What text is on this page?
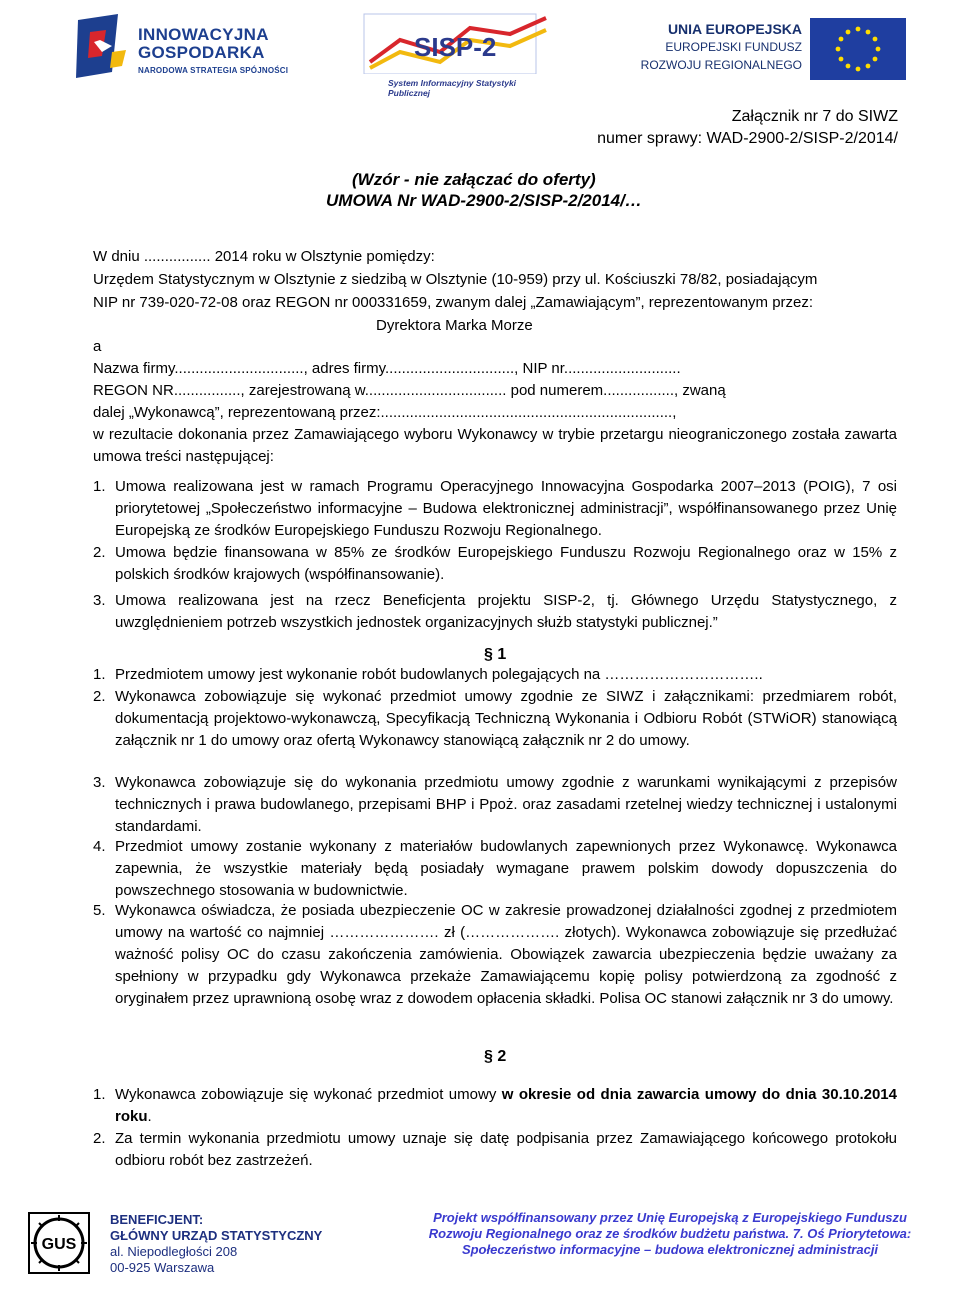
INNOWACYJNA
GOSPODARKA
NARODOWA STRATEGIA SPÓJNOŚCI
SISP-2
System Informacyjny Statystyki Publicznej
UNIA EUROPEJSKA
EUROPEJSKI FUNDUSZ
ROZWOJU REGIONALNEGO
Załącznik nr 7 do SIWZ
numer sprawy: WAD-2900-2/SISP-2/2014/
(Wzór - nie załączać do oferty)
UMOWA Nr WAD-2900-2/SISP-2/2014/…
W dniu ................ 2014 roku w Olsztynie pomiędzy:
Urzędem Statystycznym w Olsztynie z siedzibą w Olsztynie (10-959) przy ul. Kościuszki 78/82, posiadającym
NIP nr 739-020-72-08 oraz REGON nr 000331659, zwanym dalej „Zamawiającym”, reprezentowanym przez:
Dyrektora Marka Morze
a
Nazwa firmy..............................., adres firmy..............................., NIP nr............................
REGON NR................, zarejestrowaną w.................................. pod numerem................., zwaną
dalej „Wykonawcą”, reprezentowaną przez:......................................................................,
w rezultacie dokonania przez Zamawiającego wyboru Wykonawcy w trybie przetargu nieograniczonego została zawarta umowa treści następującej:
1. Umowa realizowana jest w ramach Programu Operacyjnego Innowacyjna Gospodarka 2007–2013 (POIG), 7 osi priorytetowej „Społeczeństwo informacyjne – Budowa elektronicznej administracji”, współfinansowanego przez Unię Europejską ze środków Europejskiego Funduszu Rozwoju Regionalnego.
2. Umowa będzie finansowana w 85% ze środków Europejskiego Funduszu Rozwoju Regionalnego oraz w 15% z polskich środków krajowych (współfinansowanie).
3. Umowa realizowana jest na rzecz Beneficjenta projektu SISP-2, tj. Głównego Urzędu Statystycznego, z uwzględnieniem potrzeb wszystkich jednostek organizacyjnych służb statystyki publicznej.”
§ 1
1. Przedmiotem umowy jest wykonanie robót budowlanych polegających na …………………………..
2. Wykonawca zobowiązuje się wykonać przedmiot umowy zgodnie ze SIWZ i załącznikami: przedmiarem robót, dokumentacją projektowo-wykonawczą, Specyfikacją Techniczną Wykonania i Odbioru Robót (STWiOR) stanowiącą załącznik nr 1 do umowy oraz ofertą Wykonawcy stanowiącą załącznik nr 2 do umowy.
3. Wykonawca zobowiązuje się do wykonania przedmiotu umowy zgodnie z warunkami wynikającymi z przepisów technicznych i prawa budowlanego, przepisami BHP i Ppoż. oraz zasadami rzetelnej wiedzy technicznej i ustalonymi standardami.
4. Przedmiot umowy zostanie wykonany z materiałów budowlanych zapewnionych przez Wykonawcę. Wykonawca zapewnia, że wszystkie materiały będą posiadały wymagane prawem polskim dowody dopuszczenia do powszechnego stosowania w budownictwie.
5. Wykonawca oświadcza, że posiada ubezpieczenie OC w zakresie prowadzonej działalności zgodnej z przedmiotem umowy na wartość co najmniej …………………. zł (………………. złotych). Wykonawca zobowiązuje się przedłużać ważność polisy OC do czasu zakończenia zamówienia. Obowiązek zawarcia ubezpieczenia będzie uważany za spełniony w przypadku gdy Wykonawca przekaże Zamawiającemu kopię polisy potwierdzoną za zgodność z oryginałem przez uprawnioną osobę wraz z dowodem opłacenia składki. Polisa OC stanowi załącznik nr 3 do umowy.
§ 2
1. Wykonawca zobowiązuje się wykonać przedmiot umowy w okresie od dnia zawarcia umowy do dnia 30.10.2014 roku.
2. Za termin wykonania przedmiotu umowy uznaje się datę podpisania przez Zamawiającego końcowego protokołu odbioru robót bez zastrzeżeń.
GUS
BENEFICJENT:
GŁÓWNY URZĄD STATYSTYCZNY
al. Niepodległości 208
00-925 Warszawa
Projekt współfinansowany przez Unię Europejską z Europejskiego Funduszu Rozwoju Regionalnego oraz ze środków budżetu państwa. 7. Oś Priorytetowa: Społeczeństwo informacyjne – budowa elektronicznej administracji
